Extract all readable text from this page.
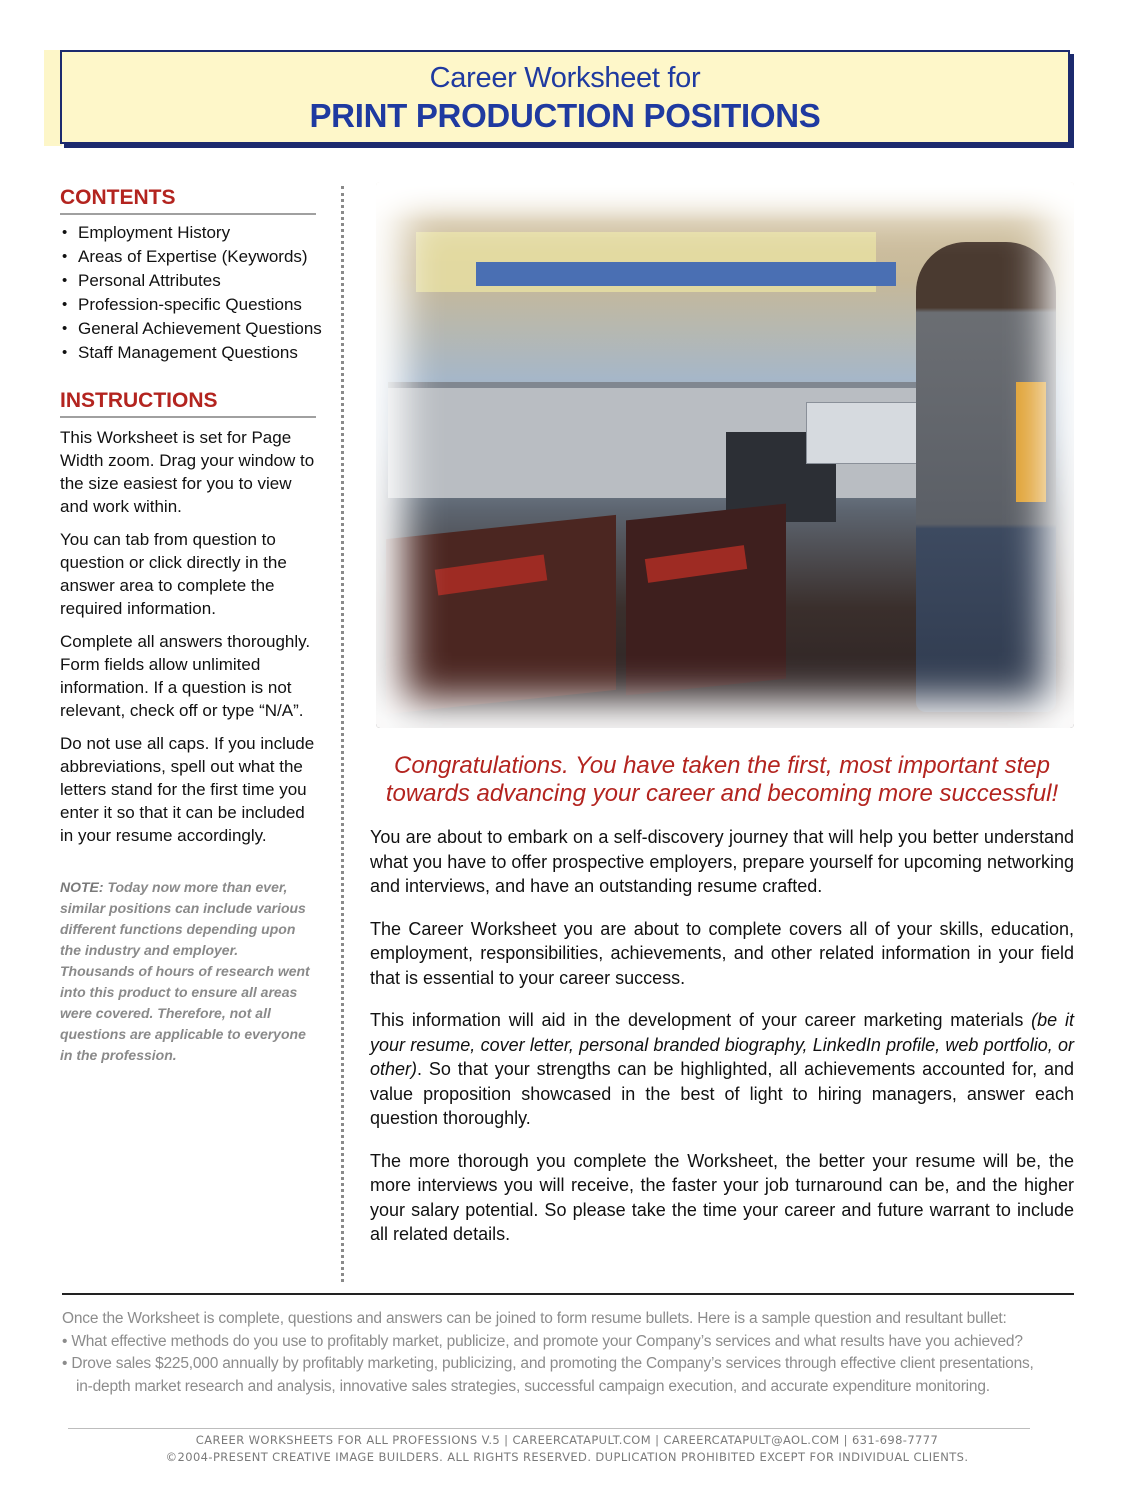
Career Worksheet for
PRINT PRODUCTION POSITIONS
CONTENTS
• Employment History
• Areas of Expertise (Keywords)
• Personal Attributes
• Profession-specific Questions
• General Achievement Questions
• Staff Management Questions
INSTRUCTIONS

This Worksheet is set for Page Width zoom. Drag your window to the size easiest for you to view and work within.

You can tab from question to question or click directly in the answer area to complete the required information.

Complete all answers thoroughly. Form fields allow unlimited information. If a question is not relevant, check off or type “N/A”.

Do not use all caps. If you include abbreviations, spell out what the letters stand for the first time you enter it so that it can be included in your resume accordingly.

NOTE: Today now more than ever, similar positions can include various different functions depending upon the industry and employer. Thousands of hours of research went into this product to ensure all areas were covered. Therefore, not all questions are applicable to everyone in the profession.
Congratulations. You have taken the first, most important step
towards advancing your career and becoming more successful!

You are about to embark on a self-discovery journey that will help you better understand what you have to offer prospective employers, prepare yourself for upcoming networking and interviews, and have an outstanding resume crafted.

The Career Worksheet you are about to complete covers all of your skills, education, employment, responsibilities, achievements, and other related information in your field that is essential to your career success.

This information will aid in the development of your career marketing materials (be it your resume, cover letter, personal branded biography, LinkedIn profile, web portfolio, or other). So that your strengths can be highlighted, all achievements accounted for, and value proposition showcased in the best of light to hiring managers, answer each question thoroughly.

The more thorough you complete the Worksheet, the better your resume will be, the more interviews you will receive, the faster your job turnaround can be, and the higher your salary potential. So please take the time your career and future warrant to include all related details.

Once the Worksheet is complete, questions and answers can be joined to form resume bullets. Here is a sample question and resultant bullet:
• What effective methods do you use to profitably market, publicize, and promote your Company’s services and what results have you achieved?
• Drove sales $225,000 annually by profitably marketing, publicizing, and promoting the Company’s services through effective client presentations,
in-depth market research and analysis, innovative sales strategies, successful campaign execution, and accurate expenditure monitoring.
CAREER WORKSHEETS FOR ALL PROFESSIONS V.5 | CAREERCATAPULT.COM | CAREERCATAPULT@AOL.COM | 631-698-7777
©2004-PRESENT CREATIVE IMAGE BUILDERS. ALL RIGHTS RESERVED. DUPLICATION PROHIBITED EXCEPT FOR INDIVIDUAL CLIENTS.
